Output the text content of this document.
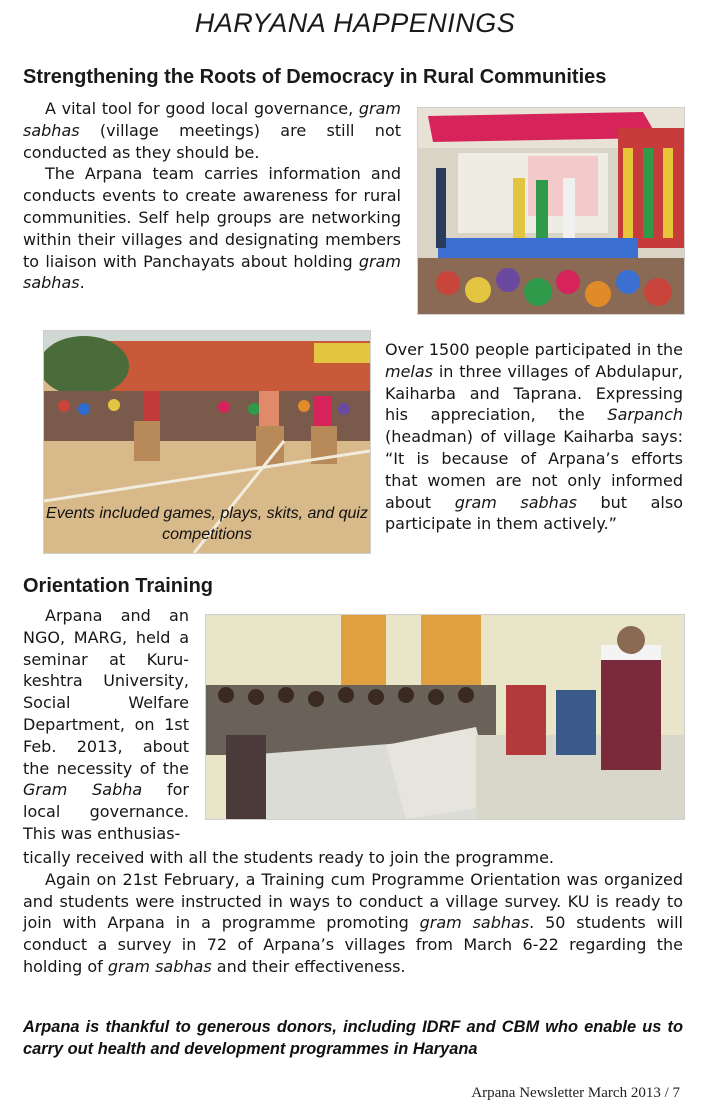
HARYANA HAPPENINGS
Strengthening the Roots of Democracy in Rural Communities

A vital tool for good local governance, gram sabhas (village meetings) are still not conducted as they should be.

The Arpana team carries information and conducts events to create awareness for rural communities. Self help groups are networking within their villages and designating members to liaison with Panchayats about holding gram sabhas.

Events included games, plays, skits, and quiz competitions

Over 1500 people participated in the melas in three villages of Abdulapur, Kaiharba and Taprana. Expressing his appreciation, the Sarpanch (headman) of village Kaiharba says: “It is because of Arpana’s efforts that women are not only informed about gram sabhas but also participate in them actively.”

Orientation Training

Arpana and an NGO, MARG, held a seminar at Kuru-keshtra University, Social Welfare Department, on 1st Feb. 2013, about the necessity of the Gram Sabha for local governance. This was enthusias-

tically received with all the students ready to join the programme.

Again on 21st February, a Training cum Programme Orientation was organized and students were instructed in ways to conduct a village survey. KU is ready to join with Arpana in a programme promoting gram sabhas. 50 students will conduct a survey in 72 of Arpana’s villages from March 6-22 regarding the holding of gram sabhas and their effectiveness.

Arpana is thankful to generous donors, including IDRF and CBM who enable us to carry out health and development programmes in Haryana
Arpana Newsletter March 2013 / 7
